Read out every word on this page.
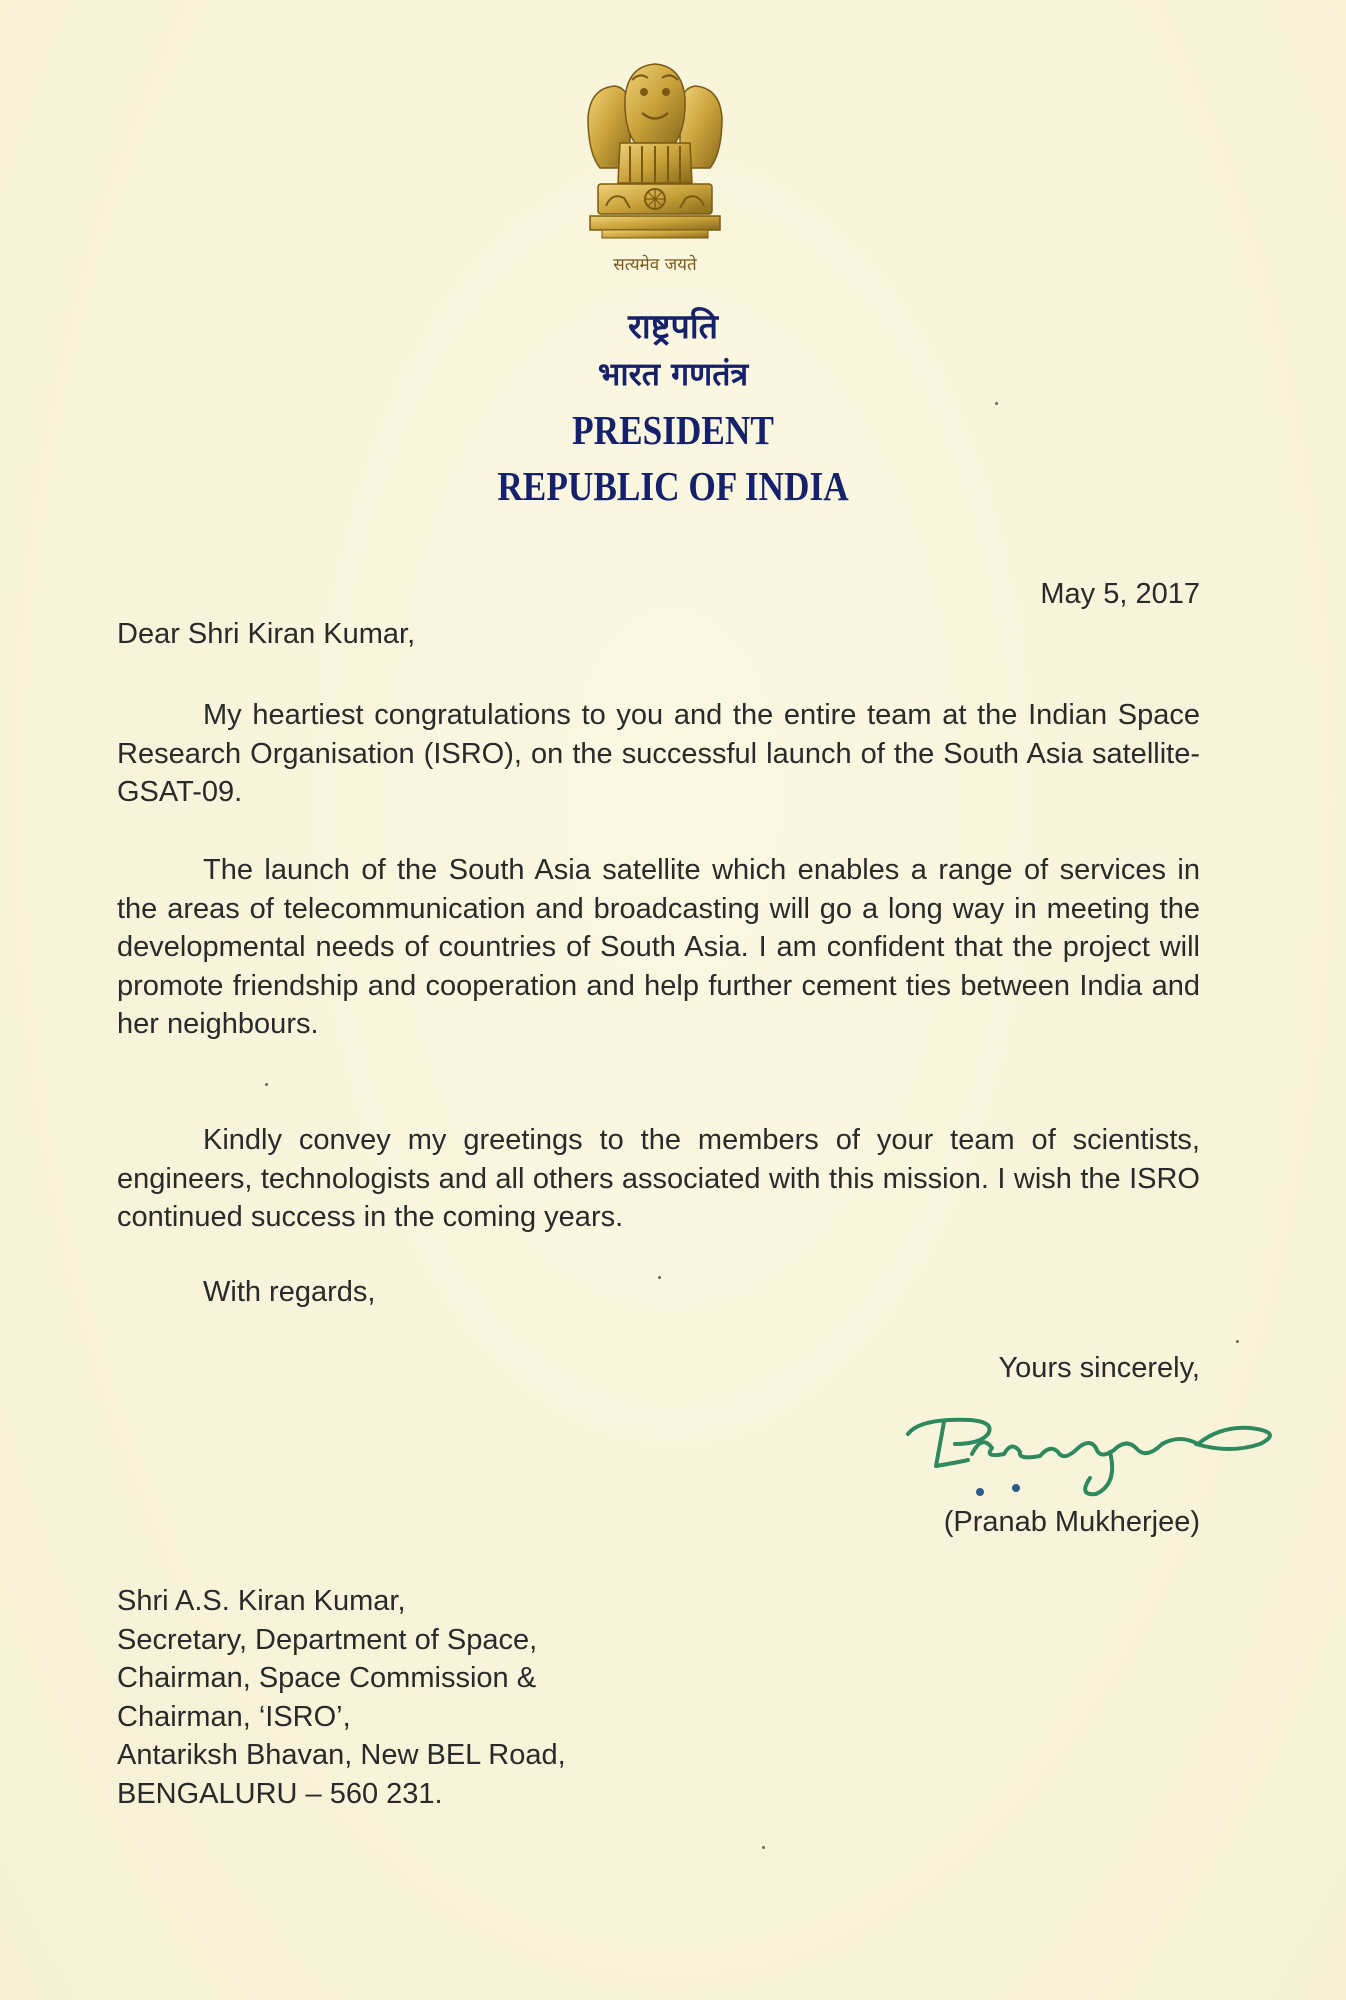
सत्यमेव जयते
राष्ट्रपति
भारत गणतंत्र
PRESIDENT
REPUBLIC OF INDIA
May 5, 2017
Dear Shri Kiran Kumar,

My heartiest congratulations to you and the entire team at the Indian Space Research Organisation (ISRO), on the successful launch of the South Asia satellite-GSAT-09.

The launch of the South Asia satellite which enables a range of services in the areas of telecommunication and broadcasting will go a long way in meeting the developmental needs of countries of South Asia. I am confident that the project will promote friendship and cooperation and help further cement ties between India and her neighbours.

Kindly convey my greetings to the members of your team of scientists, engineers, technologists and all others associated with this mission. I wish the ISRO continued success in the coming years.

With regards,
Yours sincerely,
(Pranab Mukherjee)
Shri A.S. Kiran Kumar,
Secretary, Department of Space,
Chairman, Space Commission &
Chairman, ‘ISRO’,
Antariksh Bhavan, New BEL Road,
BENGALURU – 560 231.
